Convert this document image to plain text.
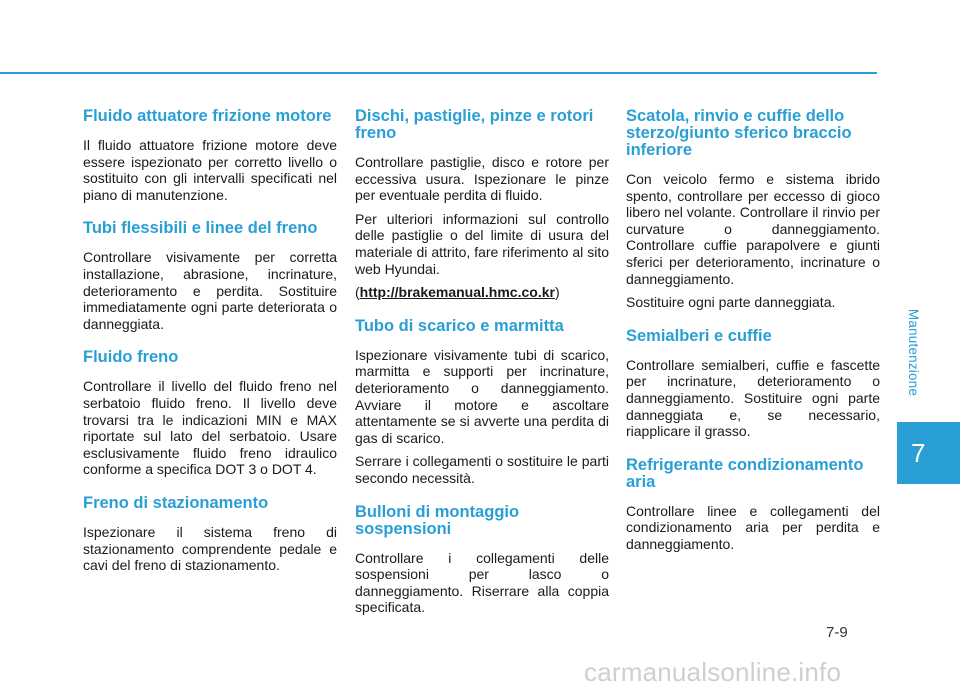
Fluido attuatore frizione motore

Il fluido attuatore frizione motore deve essere ispezionato per corretto livello o sostituito con gli intervalli specificati nel piano di manutenzione.

Tubi flessibili e linee del freno

Controllare visivamente per corretta installazione, abrasione, incrinature, deterioramento e perdita. Sostituire immediatamente ogni parte deteriorata o danneggiata.

Fluido freno

Controllare il livello del fluido freno nel serbatoio fluido freno. Il livello deve trovarsi tra le indicazioni MIN e MAX riportate sul lato del serbatoio. Usare esclusivamente fluido freno idraulico conforme a specifica DOT 3 o DOT 4.

Freno di stazionamento

Ispezionare il sistema freno di stazionamento comprendente pedale e cavi del freno di stazionamento.

Dischi, pastiglie, pinze e rotori freno

Controllare pastiglie, disco e rotore per eccessiva usura. Ispezionare le pinze per eventuale perdita di fluido.

Per ulteriori informazioni sul controllo delle pastiglie o del limite di usura del materiale di attrito, fare riferimento al sito web Hyundai.

(http://brakemanual.hmc.co.kr)

Tubo di scarico e marmitta

Ispezionare visivamente tubi di scarico, marmitta e supporti per incrinature, deterioramento o danneggiamento. Avviare il motore e ascoltare attentamente se si avverte una perdita di gas di scarico.

Serrare i collegamenti o sostituire le parti secondo necessità.

Bulloni di montaggio sospensioni

Controllare i collegamenti delle sospensioni per lasco o danneggiamento. Riserrare alla coppia specificata.

Scatola, rinvio e cuffie dello sterzo/giunto sferico braccio inferiore

Con veicolo fermo e sistema ibrido spento, controllare per eccesso di gioco libero nel volante. Controllare il rinvio per curvature o danneggiamento. Controllare cuffie parapolvere e giunti sferici per deterioramento, incrinature o danneggiamento.

Sostituire ogni parte danneggiata.

Semialberi e cuffie

Controllare semialberi, cuffie e fascette per incrinature, deterioramento o danneggiamento. Sostituire ogni parte danneggiata e, se necessario, riapplicare il grasso.

Refrigerante condizionamento aria

Controllare linee e collegamenti del condizionamento aria per perdita e danneggiamento.

Manutenzione
7
7-9
carmanualsonline.info
